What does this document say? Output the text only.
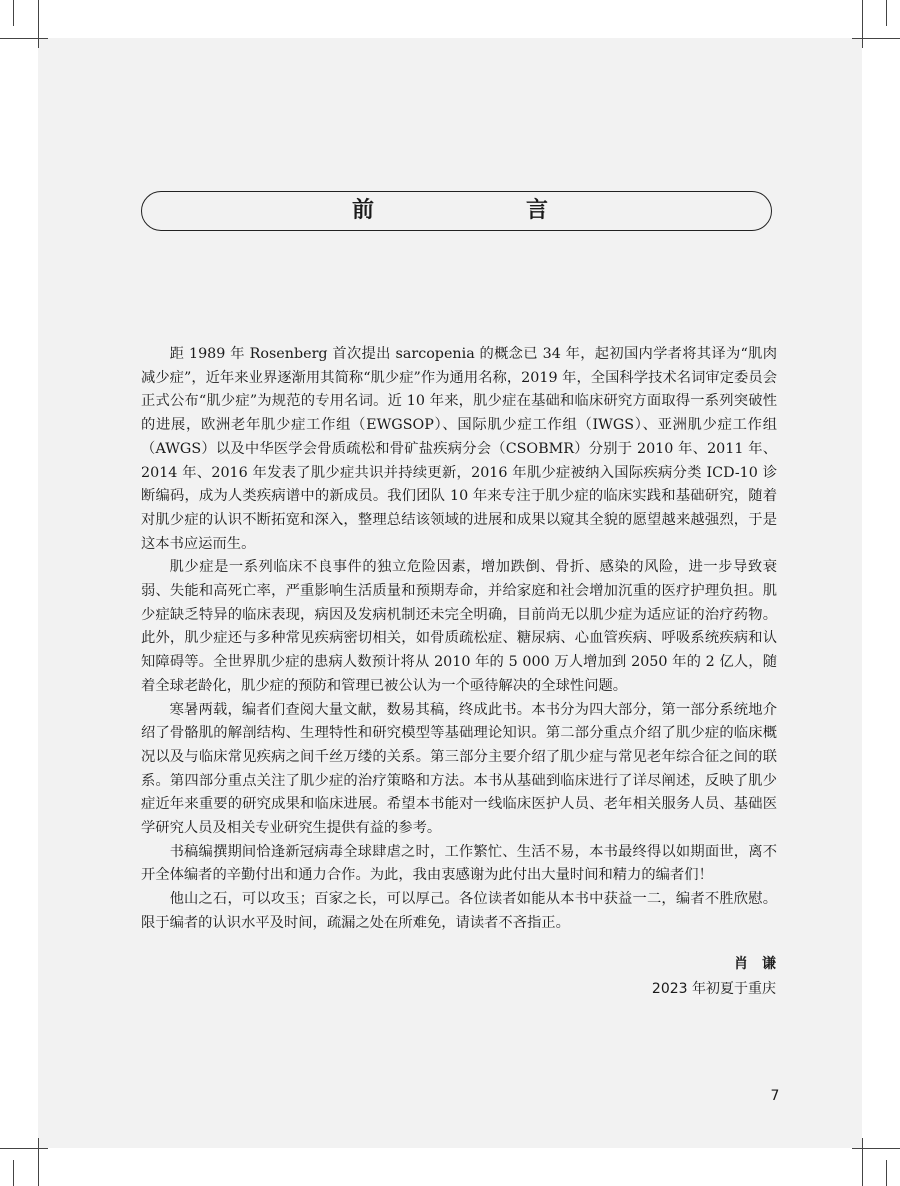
前　　言

距 1989 年 Rosenberg 首次提出 sarcopenia 的概念已 34 年，起初国内学者将其译为“肌肉减少症”，近年来业界逐渐用其简称“肌少症”作为通用名称，2019 年，全国科学技术名词审定委员会正式公布“肌少症”为规范的专用名词。近 10 年来，肌少症在基础和临床研究方面取得一系列突破性的进展，欧洲老年肌少症工作组（EWGSOP）、国际肌少症工作组（IWGS）、亚洲肌少症工作组（AWGS）以及中华医学会骨质疏松和骨矿盐疾病分会（CSOBMR）分别于 2010 年、2011 年、2014 年、2016 年发表了肌少症共识并持续更新，2016 年肌少症被纳入国际疾病分类 ICD-10 诊断编码，成为人类疾病谱中的新成员。我们团队 10 年来专注于肌少症的临床实践和基础研究，随着对肌少症的认识不断拓宽和深入，整理总结该领域的进展和成果以窥其全貌的愿望越来越强烈，于是这本书应运而生。

肌少症是一系列临床不良事件的独立危险因素，增加跌倒、骨折、感染的风险，进一步导致衰弱、失能和高死亡率，严重影响生活质量和预期寿命，并给家庭和社会增加沉重的医疗护理负担。肌少症缺乏特异的临床表现，病因及发病机制还未完全明确，目前尚无以肌少症为适应证的治疗药物。此外，肌少症还与多种常见疾病密切相关，如骨质疏松症、糖尿病、心血管疾病、呼吸系统疾病和认知障碍等。全世界肌少症的患病人数预计将从 2010 年的 5 000 万人增加到 2050 年的 2 亿人，随着全球老龄化，肌少症的预防和管理已被公认为一个亟待解决的全球性问题。

寒暑两载，编者们查阅大量文献，数易其稿，终成此书。本书分为四大部分，第一部分系统地介绍了骨骼肌的解剖结构、生理特性和研究模型等基础理论知识。第二部分重点介绍了肌少症的临床概况以及与临床常见疾病之间千丝万缕的关系。第三部分主要介绍了肌少症与常见老年综合征之间的联系。第四部分重点关注了肌少症的治疗策略和方法。本书从基础到临床进行了详尽阐述，反映了肌少症近年来重要的研究成果和临床进展。希望本书能对一线临床医护人员、老年相关服务人员、基础医学研究人员及相关专业研究生提供有益的参考。

书稿编撰期间恰逢新冠病毒全球肆虐之时，工作繁忙、生活不易，本书最终得以如期面世，离不开全体编者的辛勤付出和通力合作。为此，我由衷感谢为此付出大量时间和精力的编者们！

他山之石，可以攻玉；百家之长，可以厚己。各位读者如能从本书中获益一二，编者不胜欣慰。限于编者的认识水平及时间，疏漏之处在所难免，请读者不吝指正。

肖谦
2023 年初夏于重庆
7
